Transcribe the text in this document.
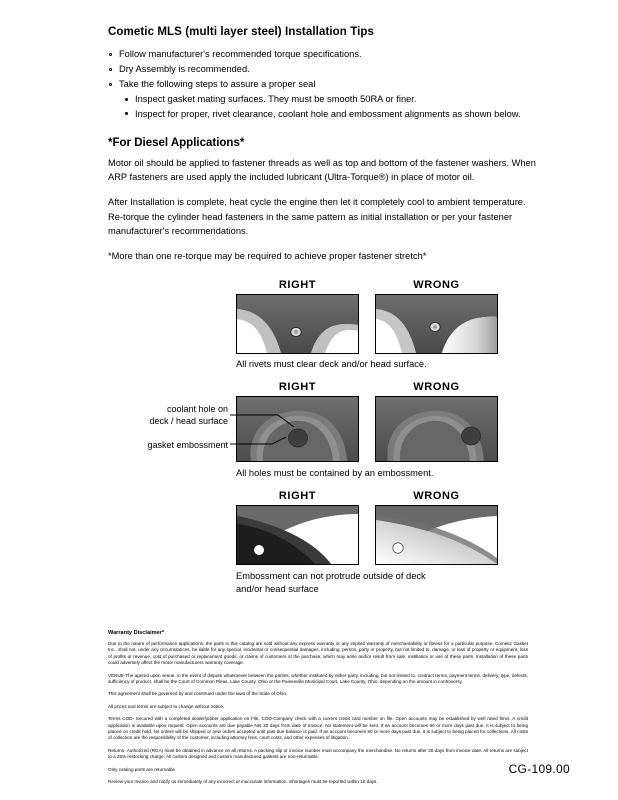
Cometic MLS (multi layer steel) Installation Tips
Follow manufacturer's recommended torque specifications.
Dry Assembly is recommended.
Take the following steps to assure a proper seal
Inspect gasket mating surfaces. They must be smooth 50RA or finer.
Inspect for proper, rivet clearance, coolant hole and embossment alignments as shown below.
*For Diesel Applications*

Motor oil should be applied to fastener threads as well as top and bottom of the fastener washers. When ARP fasteners are used apply the included lubricant (Ultra-Torque®) in place of motor oil.

After Installation is complete, heat cycle the engine then let it completely cool to ambient temperature. Re-torque the cylinder head fasteners in the same pattern as initial installation or per your fastener manufacturer's recommendations.

*More than one re-torque may be required to achieve proper fastener stretch*

RIGHT	WRONG
All rivets must clear deck and/or head surface.
RIGHT	WRONG
coolant hole on
deck / head surface
gasket embossment
All holes must be contained by an embossment.
RIGHT	WRONG
Embossment can not protrude outside of deck
and/or head surface
Warranty Disclaimer*

Due to the nature of performance applications, the parts in this catalog are sold without any express warranty or any implied warranty of merchantability or fitness for a particular purpose. Cometic Gasket Inc., shall not, under any circumstances, be liable for any special, incidental or consequential damages, including, person, party or property, but not limited to, damage, or loss of property or equipment, loss of profits or revenue, cost of purchased or replacement goods, or claims of customers of the purchase, which may arise and/or result from sale, instillation or use of these parts. Installation of these parts could adversely affect the motor manufacturers warranty coverage.

VENUE-The agreed upon venue, in the event of dispute whatsoever between the parties, whether instituted by either party, including, but not limited to, contract terms, payment terms, delivery, type, defects, sufficiency of product, shall be the Court of Common Pleas, Lake County, Ohio or the Painesville Municipal Court, Lake County, Ohio, depending on the amount in controversy.

This agreement shall be governed by and construed under the laws of the State of Ohio.

All prices and terms are subject to change without notice.

Terms COD- Secured with a completed dealer/jobber application on File, COD-Company check with a current credit card number on file. Open accounts may be established by well rated firms. A credit application is available upon request. Open accounts are due payable Net 30 days from date of invoice. No statement will be sent. If an account becomes 60 or more days past due, it is subject to being placed on credit hold. No orders will be shipped or new orders accepted until past due balance is paid. If an account becomes 90 or more days past due, it is subject to being placed for collections. All costs of collection are the responsibility of the customer, including attorney fees, court costs, and other expenses of litigation.

Returns- Authorized (RGA) must be obtained in advance on all returns. A packing slip or invoice number must accompany the merchandise. No returns after 30 days from invoice date. All returns are subject to a 25% restocking charge. All custom designed and custom manufactured gaskets are non-returnable.

Only catalog parts are returnable.

Review your invoice and notify us immediately of any incorrect or inaccurate information. Shortages must be reported within 10 days.

CG-109.00
